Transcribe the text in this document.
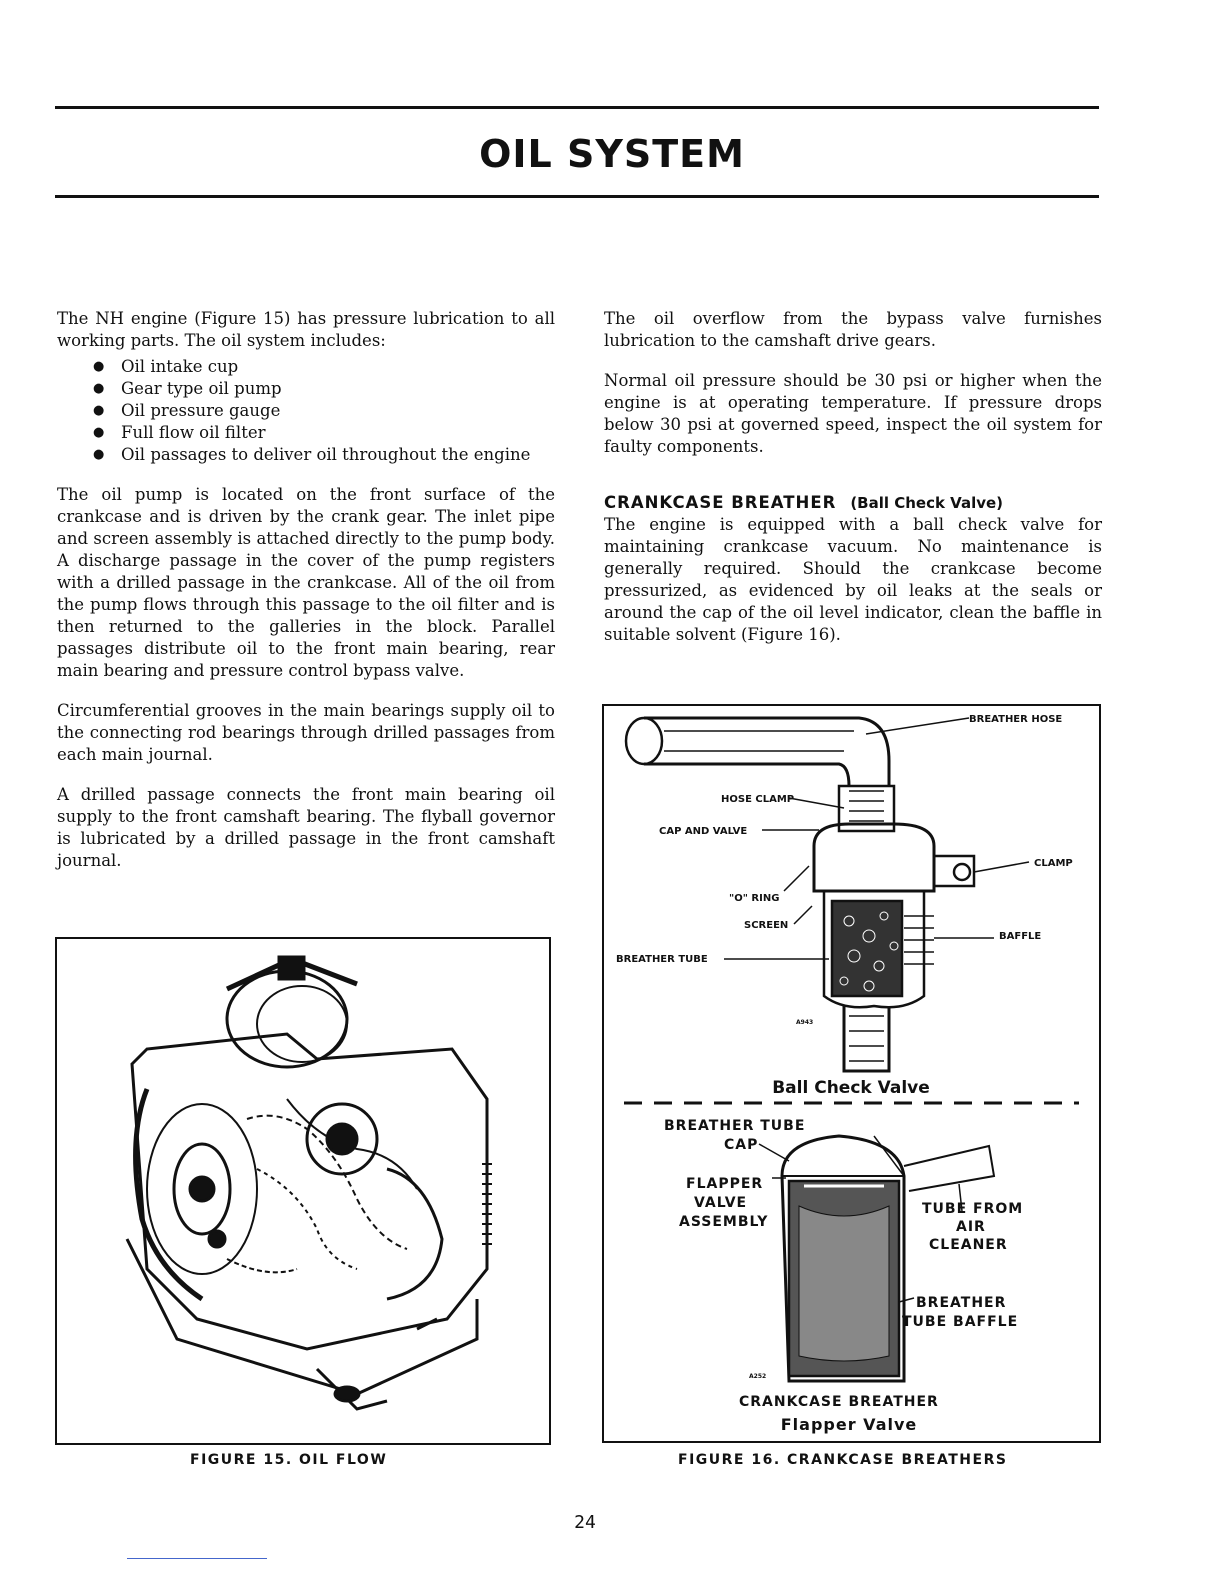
OIL SYSTEM

The NH engine (Figure 15) has pressure lubrication to all working parts. The oil system includes:

● Oil intake cup
● Gear type oil pump
● Oil pressure gauge
● Full flow oil filter
● Oil passages to deliver oil throughout the engine

The oil pump is located on the front surface of the crankcase and is driven by the crank gear. The inlet pipe and screen assembly is attached directly to the pump body. A discharge passage in the cover of the pump registers with a drilled passage in the crankcase. All of the oil from the pump flows through this passage to the oil filter and is then returned to the galleries in the block. Parallel passages distribute oil to the front main bearing, rear main bearing and pressure control bypass valve.

Circumferential grooves in the main bearings supply oil to the connecting rod bearings through drilled passages from each main journal.

A drilled passage connects the front main bearing oil supply to the front camshaft bearing. The flyball governor is lubricated by a drilled passage in the front camshaft journal.

The oil overflow from the bypass valve furnishes lubrication to the camshaft drive gears.

Normal oil pressure should be 30 psi or higher when the engine is at operating temperature. If pressure drops below 30 psi at governed speed, inspect the oil system for faulty components.

CRANKCASE BREATHER (Ball Check Valve)

The engine is equipped with a ball check valve for maintaining crankcase vacuum. No maintenance is generally required. Should the crankcase become pressurized, as evidenced by oil leaks at the seals or around the cap of the oil level indicator, clean the baffle in suitable solvent (Figure 16).

FIGURE 15. OIL FLOW
BREATHER HOSE
HOSE CLAMP
CAP AND VALVE
CLAMP
"O" RING
SCREEN
BAFFLE
BREATHER TUBE
A943
Ball Check Valve
BREATHER TUBE
CAP
FLAPPER
VALVE
ASSEMBLY
TUBE FROM
AIR
CLEANER
BREATHER
TUBE BAFFLE
CRANKCASE BREATHER
A252
Flapper Valve
FIGURE 16. CRANKCASE BREATHERS
24
